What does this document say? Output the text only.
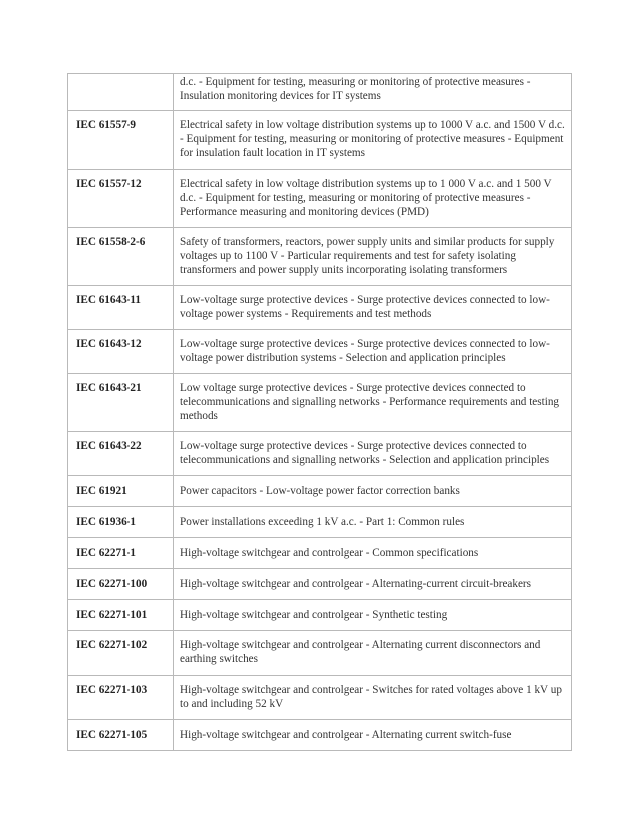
	d.c. - Equipment for testing, measuring or monitoring of protective measures - Insulation monitoring devices for IT systems

IEC 61557-9	Electrical safety in low voltage distribution systems up to 1000 V a.c. and 1500 V d.c. - Equipment for testing, measuring or monitoring of protective measures - Equipment for insulation fault location in IT systems

IEC 61557-12	Electrical safety in low voltage distribution systems up to 1 000 V a.c. and 1 500 V d.c. - Equipment for testing, measuring or monitoring of protective measures - Performance measuring and monitoring devices (PMD)

IEC 61558-2-6	Safety of transformers, reactors, power supply units and similar products for supply voltages up to 1100 V - Particular requirements and test for safety isolating transformers and power supply units incorporating isolating transformers

IEC 61643-11	Low-voltage surge protective devices - Surge protective devices connected to low-voltage power systems - Requirements and test methods

IEC 61643-12	Low-voltage surge protective devices - Surge protective devices connected to low-voltage power distribution systems - Selection and application principles

IEC 61643-21	Low voltage surge protective devices - Surge protective devices connected to telecommunications and signalling networks - Performance requirements and testing methods

IEC 61643-22	Low-voltage surge protective devices - Surge protective devices connected to telecommunications and signalling networks - Selection and application principles

IEC 61921	Power capacitors - Low-voltage power factor correction banks

IEC 61936-1	Power installations exceeding 1 kV a.c. - Part 1: Common rules

IEC 62271-1	High-voltage switchgear and controlgear - Common specifications

IEC 62271-100	High-voltage switchgear and controlgear - Alternating-current circuit-breakers

IEC 62271-101	High-voltage switchgear and controlgear - Synthetic testing

IEC 62271-102	High-voltage switchgear and controlgear - Alternating current disconnectors and earthing switches

IEC 62271-103	High-voltage switchgear and controlgear - Switches for rated voltages above 1 kV up to and including 52 kV

IEC 62271-105	High-voltage switchgear and controlgear - Alternating current switch-fuse
